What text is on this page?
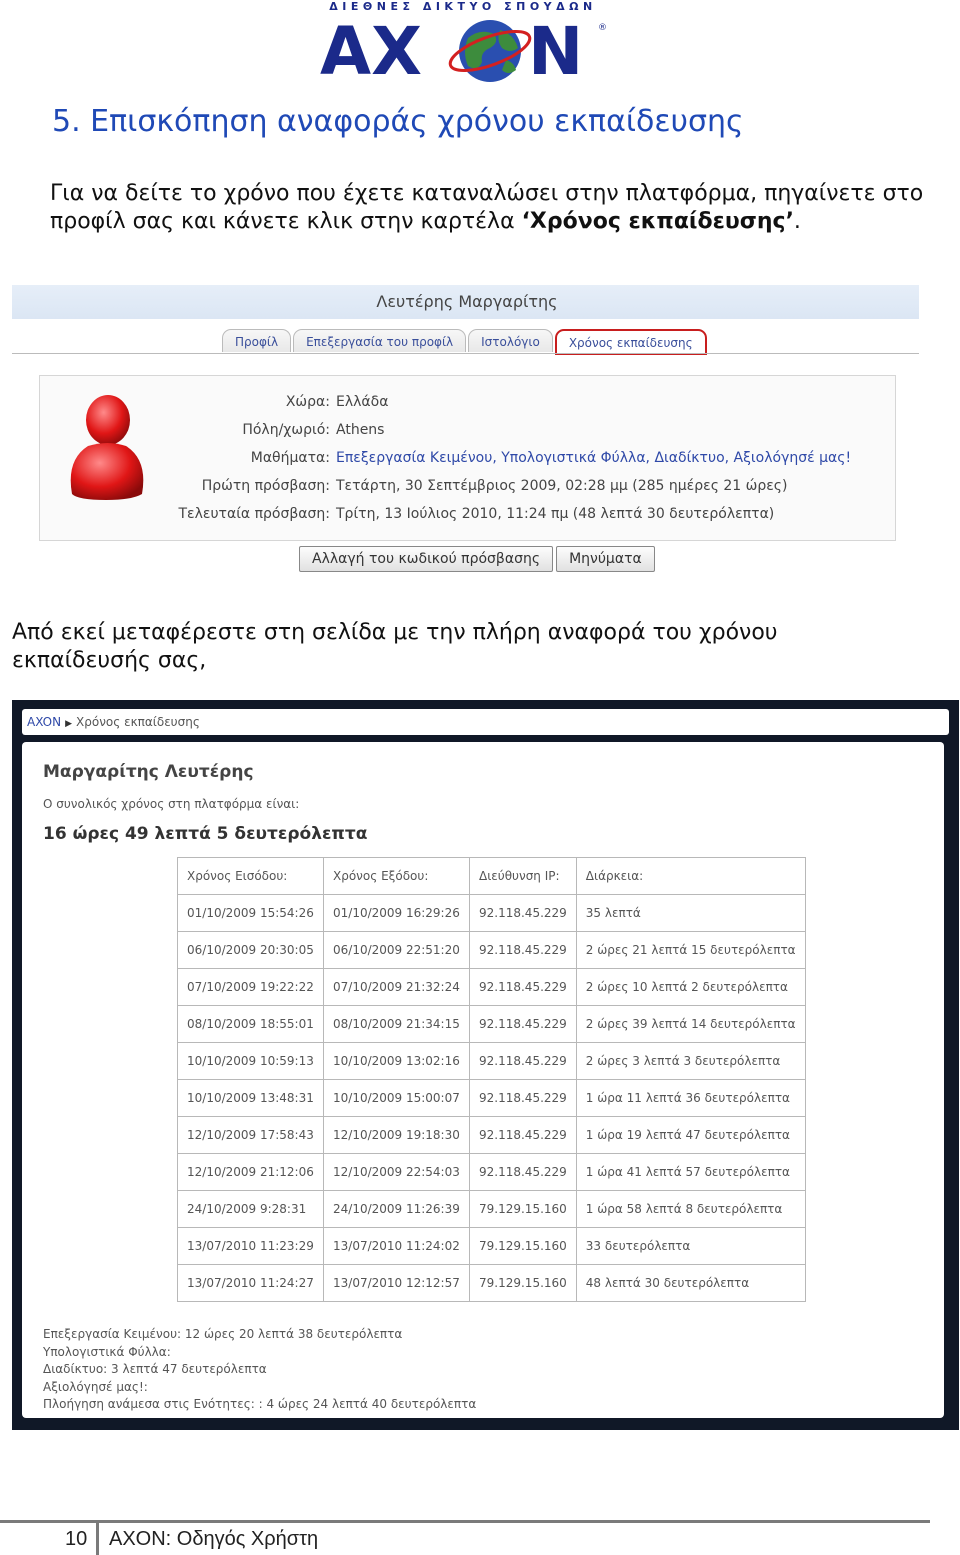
ΔΙΕΘΝΕΣ ΔΙΚΤΥΟ ΣΠΟΥΔΩΝ
AX N ®
5. Επισκόπηση αναφοράς χρόνου εκπαίδευσης
Για να δείτε το χρόνο που έχετε καταναλώσει στην πλατφόρμα, πηγαίνετε στο προφίλ σας και κάνετε κλικ στην καρτέλα ‘Χρόνος εκπαίδευσης’.
Λευτέρης Μαργαρίτης
Προφίλ	Επεξεργασία του προφίλ	Ιστολόγιο	Χρόνος εκπαίδευσης
Χώρα: Ελλάδα
Πόλη/χωριό: Athens
Μαθήματα: Επεξεργασία Κειμένου, Υπολογιστικά Φύλλα, Διαδίκτυο, Αξιολόγησέ μας!
Πρώτη πρόσβαση: Τετάρτη, 30 Σεπτέμβριος 2009, 02:28 μμ (285 ημέρες 21 ώρες)
Τελευταία πρόσβαση: Τρίτη, 13 Ιούλιος 2010, 11:24 πμ (48 λεπτά 30 δευτερόλεπτα)
Αλλαγή του κωδικού πρόσβασης	Μηνύματα
Από εκεί μεταφέρεστε στη σελίδα με την πλήρη αναφορά του χρόνου εκπαίδευσής σας,
AXON ▶ Χρόνος εκπαίδευσης
Μαργαρίτης Λευτέρης
Ο συνολικός χρόνος στη πλατφόρμα είναι:
16 ώρες 49 λεπτά 5 δευτερόλεπτα
Χρόνος Εισόδου:	Χρόνος Εξόδου:	Διεύθυνση IP:	Διάρκεια:
01/10/2009 15:54:26	01/10/2009 16:29:26	92.118.45.229	35 λεπτά
06/10/2009 20:30:05	06/10/2009 22:51:20	92.118.45.229	2 ώρες 21 λεπτά 15 δευτερόλεπτα
07/10/2009 19:22:22	07/10/2009 21:32:24	92.118.45.229	2 ώρες 10 λεπτά 2 δευτερόλεπτα
08/10/2009 18:55:01	08/10/2009 21:34:15	92.118.45.229	2 ώρες 39 λεπτά 14 δευτερόλεπτα
10/10/2009 10:59:13	10/10/2009 13:02:16	92.118.45.229	2 ώρες 3 λεπτά 3 δευτερόλεπτα
10/10/2009 13:48:31	10/10/2009 15:00:07	92.118.45.229	1 ώρα 11 λεπτά 36 δευτερόλεπτα
12/10/2009 17:58:43	12/10/2009 19:18:30	92.118.45.229	1 ώρα 19 λεπτά 47 δευτερόλεπτα
12/10/2009 21:12:06	12/10/2009 22:54:03	92.118.45.229	1 ώρα 41 λεπτά 57 δευτερόλεπτα
24/10/2009 9:28:31	24/10/2009 11:26:39	79.129.15.160	1 ώρα 58 λεπτά 8 δευτερόλεπτα
13/07/2010 11:23:29	13/07/2010 11:24:02	79.129.15.160	33 δευτερόλεπτα
13/07/2010 11:24:27	13/07/2010 12:12:57	79.129.15.160	48 λεπτά 30 δευτερόλεπτα
Επεξεργασία Κειμένου: 12 ώρες 20 λεπτά 38 δευτερόλεπτα
Υπολογιστικά Φύλλα:
Διαδίκτυο: 3 λεπτά 47 δευτερόλεπτα
Αξιολόγησέ μας!:
Πλοήγηση ανάμεσα στις Ενότητες: : 4 ώρες 24 λεπτά 40 δευτερόλεπτα
10 AXON: Οδηγός Χρήστη
